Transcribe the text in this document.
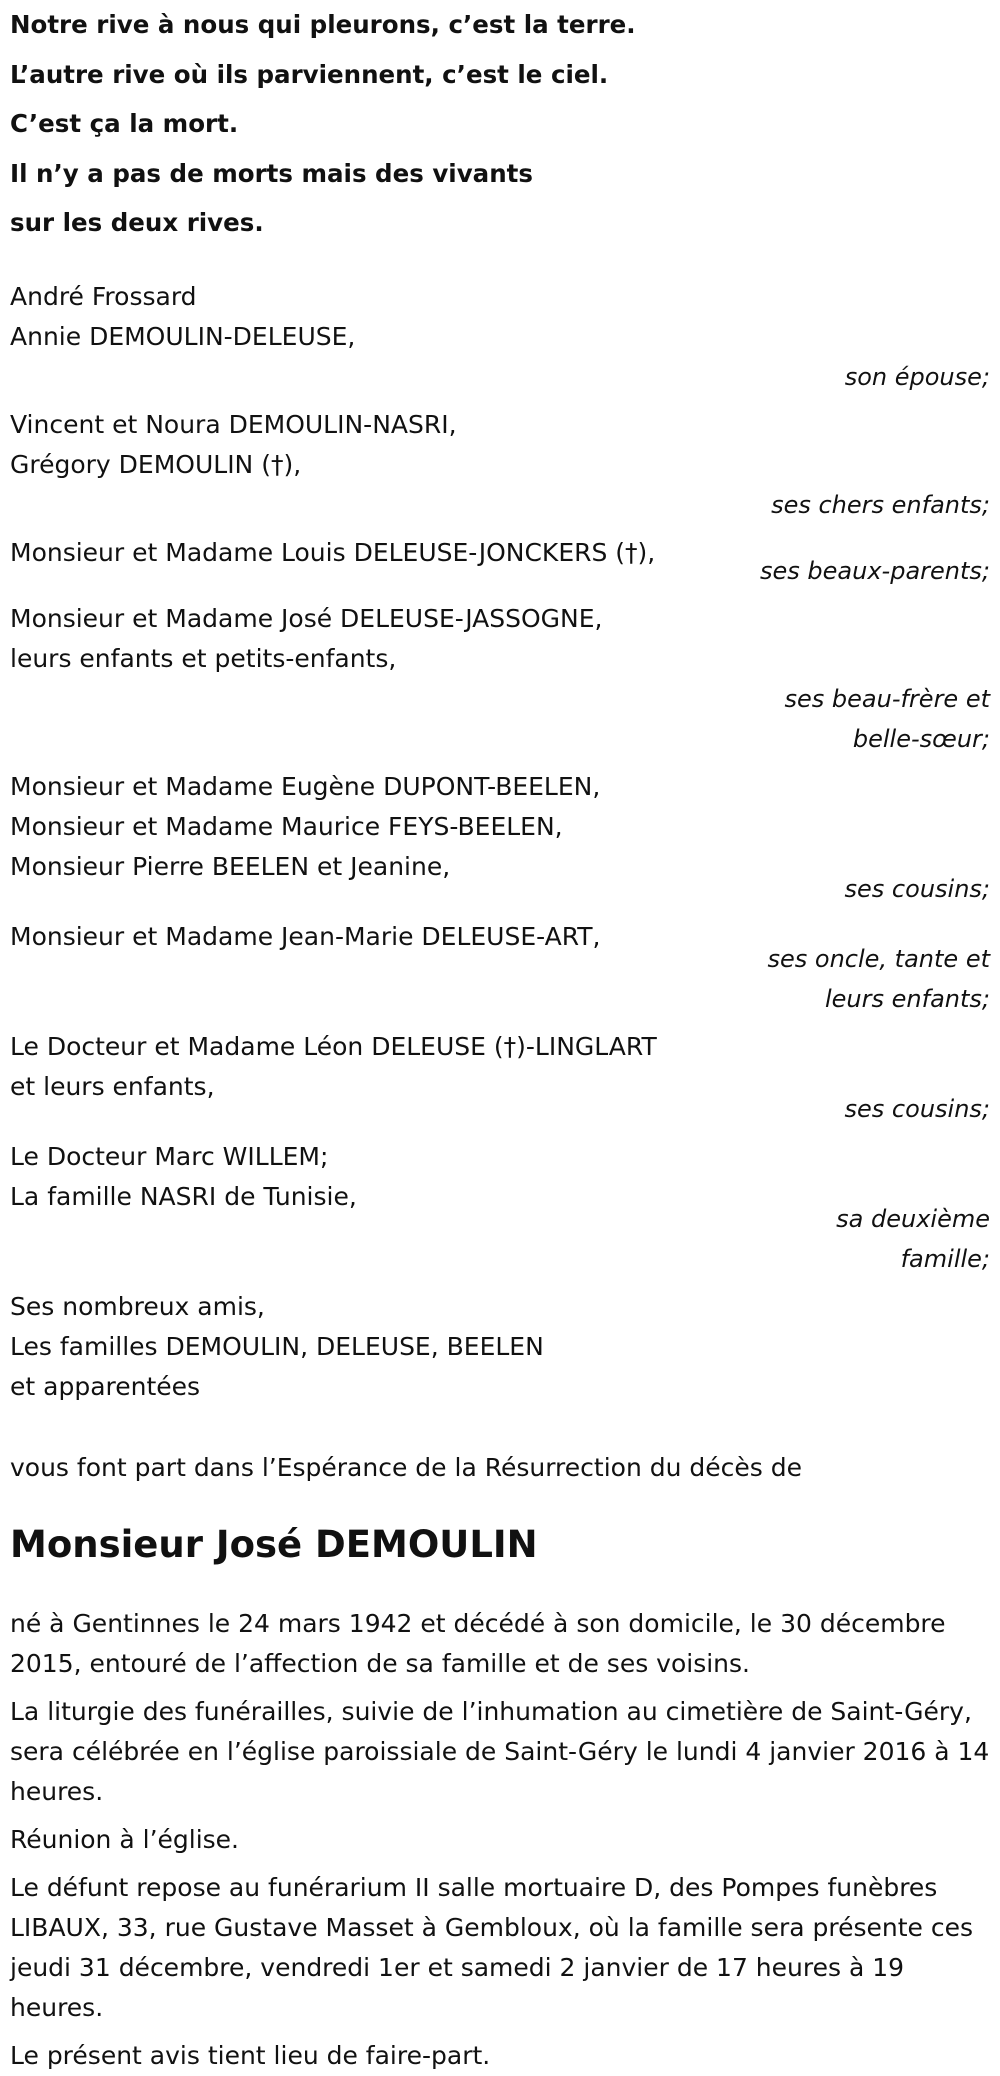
Notre rive à nous qui pleurons, c’est la terre.
L’autre rive où ils parviennent, c’est le ciel.
C’est ça la mort.
Il n’y a pas de morts mais des vivants
sur les deux rives.
André Frossard
Annie DEMOULIN-DELEUSE,
son épouse;
Vincent et Noura DEMOULIN-NASRI,
Grégory DEMOULIN (†),
ses chers enfants;
Monsieur et Madame Louis DELEUSE-JONCKERS (†),
ses beaux-parents;
Monsieur et Madame José DELEUSE-JASSOGNE,
leurs enfants et petits-enfants,
ses beau-frère et
belle-sœur;
Monsieur et Madame Eugène DUPONT-BEELEN,
Monsieur et Madame Maurice FEYS-BEELEN,
Monsieur Pierre BEELEN et Jeanine,
ses cousins;
Monsieur et Madame Jean-Marie DELEUSE-ART,
ses oncle, tante et
leurs enfants;
Le Docteur et Madame Léon DELEUSE (†)-LINGLART
et leurs enfants,
ses cousins;
Le Docteur Marc WILLEM;
La famille NASRI de Tunisie,
sa deuxième
famille;
Ses nombreux amis,
Les familles DEMOULIN, DELEUSE, BEELEN
et apparentées
vous font part dans l’Espérance de la Résurrection du décès de
Monsieur José DEMOULIN
né à Gentinnes le 24 mars 1942 et décédé à son domicile, le 30 décembre 2015, entouré de l’affection de sa famille et de ses voisins.
La liturgie des funérailles, suivie de l’inhumation au cimetière de Saint-Géry, sera célébrée en l’église paroissiale de Saint-Géry le lundi 4 janvier 2016 à 14 heures.
Réunion à l’église.
Le défunt repose au funérarium II salle mortuaire D, des Pompes funèbres LIBAUX, 33, rue Gustave Masset à Gembloux, où la famille sera présente ces jeudi 31 décembre, vendredi 1er et samedi 2 janvier de 17 heures à 19 heures.
Le présent avis tient lieu de faire-part.
